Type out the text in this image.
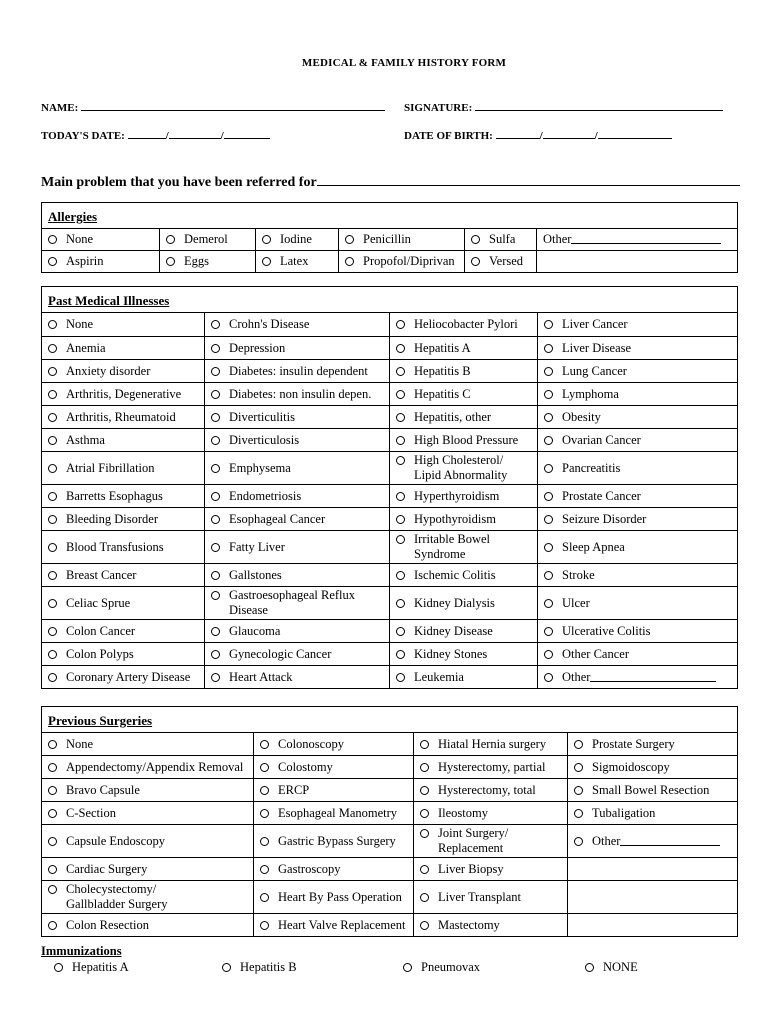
MEDICAL & FAMILY HISTORY FORM
NAME:	SIGNATURE:
TODAY'S DATE:	/	/	DATE OF BIRTH:	/	/
Main problem that you have been referred for
Allergies					

None	Demerol	Iodine	Penicillin	Sulfa	Other

Aspirin	Eggs	Latex	Propofol/Diprivan	Versed	

Past Medical Illnesses			

None	Crohn's Disease	Heliocobacter Pylori	Liver Cancer

Anemia	Depression	Hepatitis A	Liver Disease

Anxiety disorder	Diabetes: insulin dependent	Hepatitis B	Lung Cancer

Arthritis, Degenerative	Diabetes: non insulin depen.	Hepatitis C	Lymphoma

Arthritis, Rheumatoid	Diverticulitis	Hepatitis, other	Obesity

Asthma	Diverticulosis	High Blood Pressure	Ovarian Cancer

Atrial Fibrillation	Emphysema	High Cholesterol/
Lipid Abnormality	Pancreatitis

Barretts Esophagus	Endometriosis	Hyperthyroidism	Prostate Cancer

Bleeding Disorder	Esophageal Cancer	Hypothyroidism	Seizure Disorder

Blood Transfusions	Fatty Liver	Irritable Bowel
Syndrome	Sleep Apnea

Breast Cancer	Gallstones	Ischemic Colitis	Stroke

Celiac Sprue	Gastroesophageal Reflux
Disease	Kidney Dialysis	Ulcer

Colon Cancer	Glaucoma	Kidney Disease	Ulcerative Colitis

Colon Polyps	Gynecologic Cancer	Kidney Stones	Other Cancer

Coronary Artery Disease	Heart Attack	Leukemia	Other
Previous Surgeries			

None	Colonoscopy	Hiatal Hernia surgery	Prostate Surgery

Appendectomy/Appendix Removal	Colostomy	Hysterectomy, partial	Sigmoidoscopy

Bravo Capsule	ERCP	Hysterectomy, total	Small Bowel Resection

C-Section	Esophageal Manometry	Ileostomy	Tubaligation

Capsule Endoscopy	Gastric Bypass Surgery	Joint Surgery/
Replacement	Other

Cardiac Surgery	Gastroscopy	Liver Biopsy	

Cholecystectomy/
Gallbladder Surgery	Heart By Pass Operation	Liver Transplant	

Colon Resection	Heart Valve Replacement	Mastectomy	

Immunizations
Hepatitis A	Hepatitis B	Pneumovax	NONE
